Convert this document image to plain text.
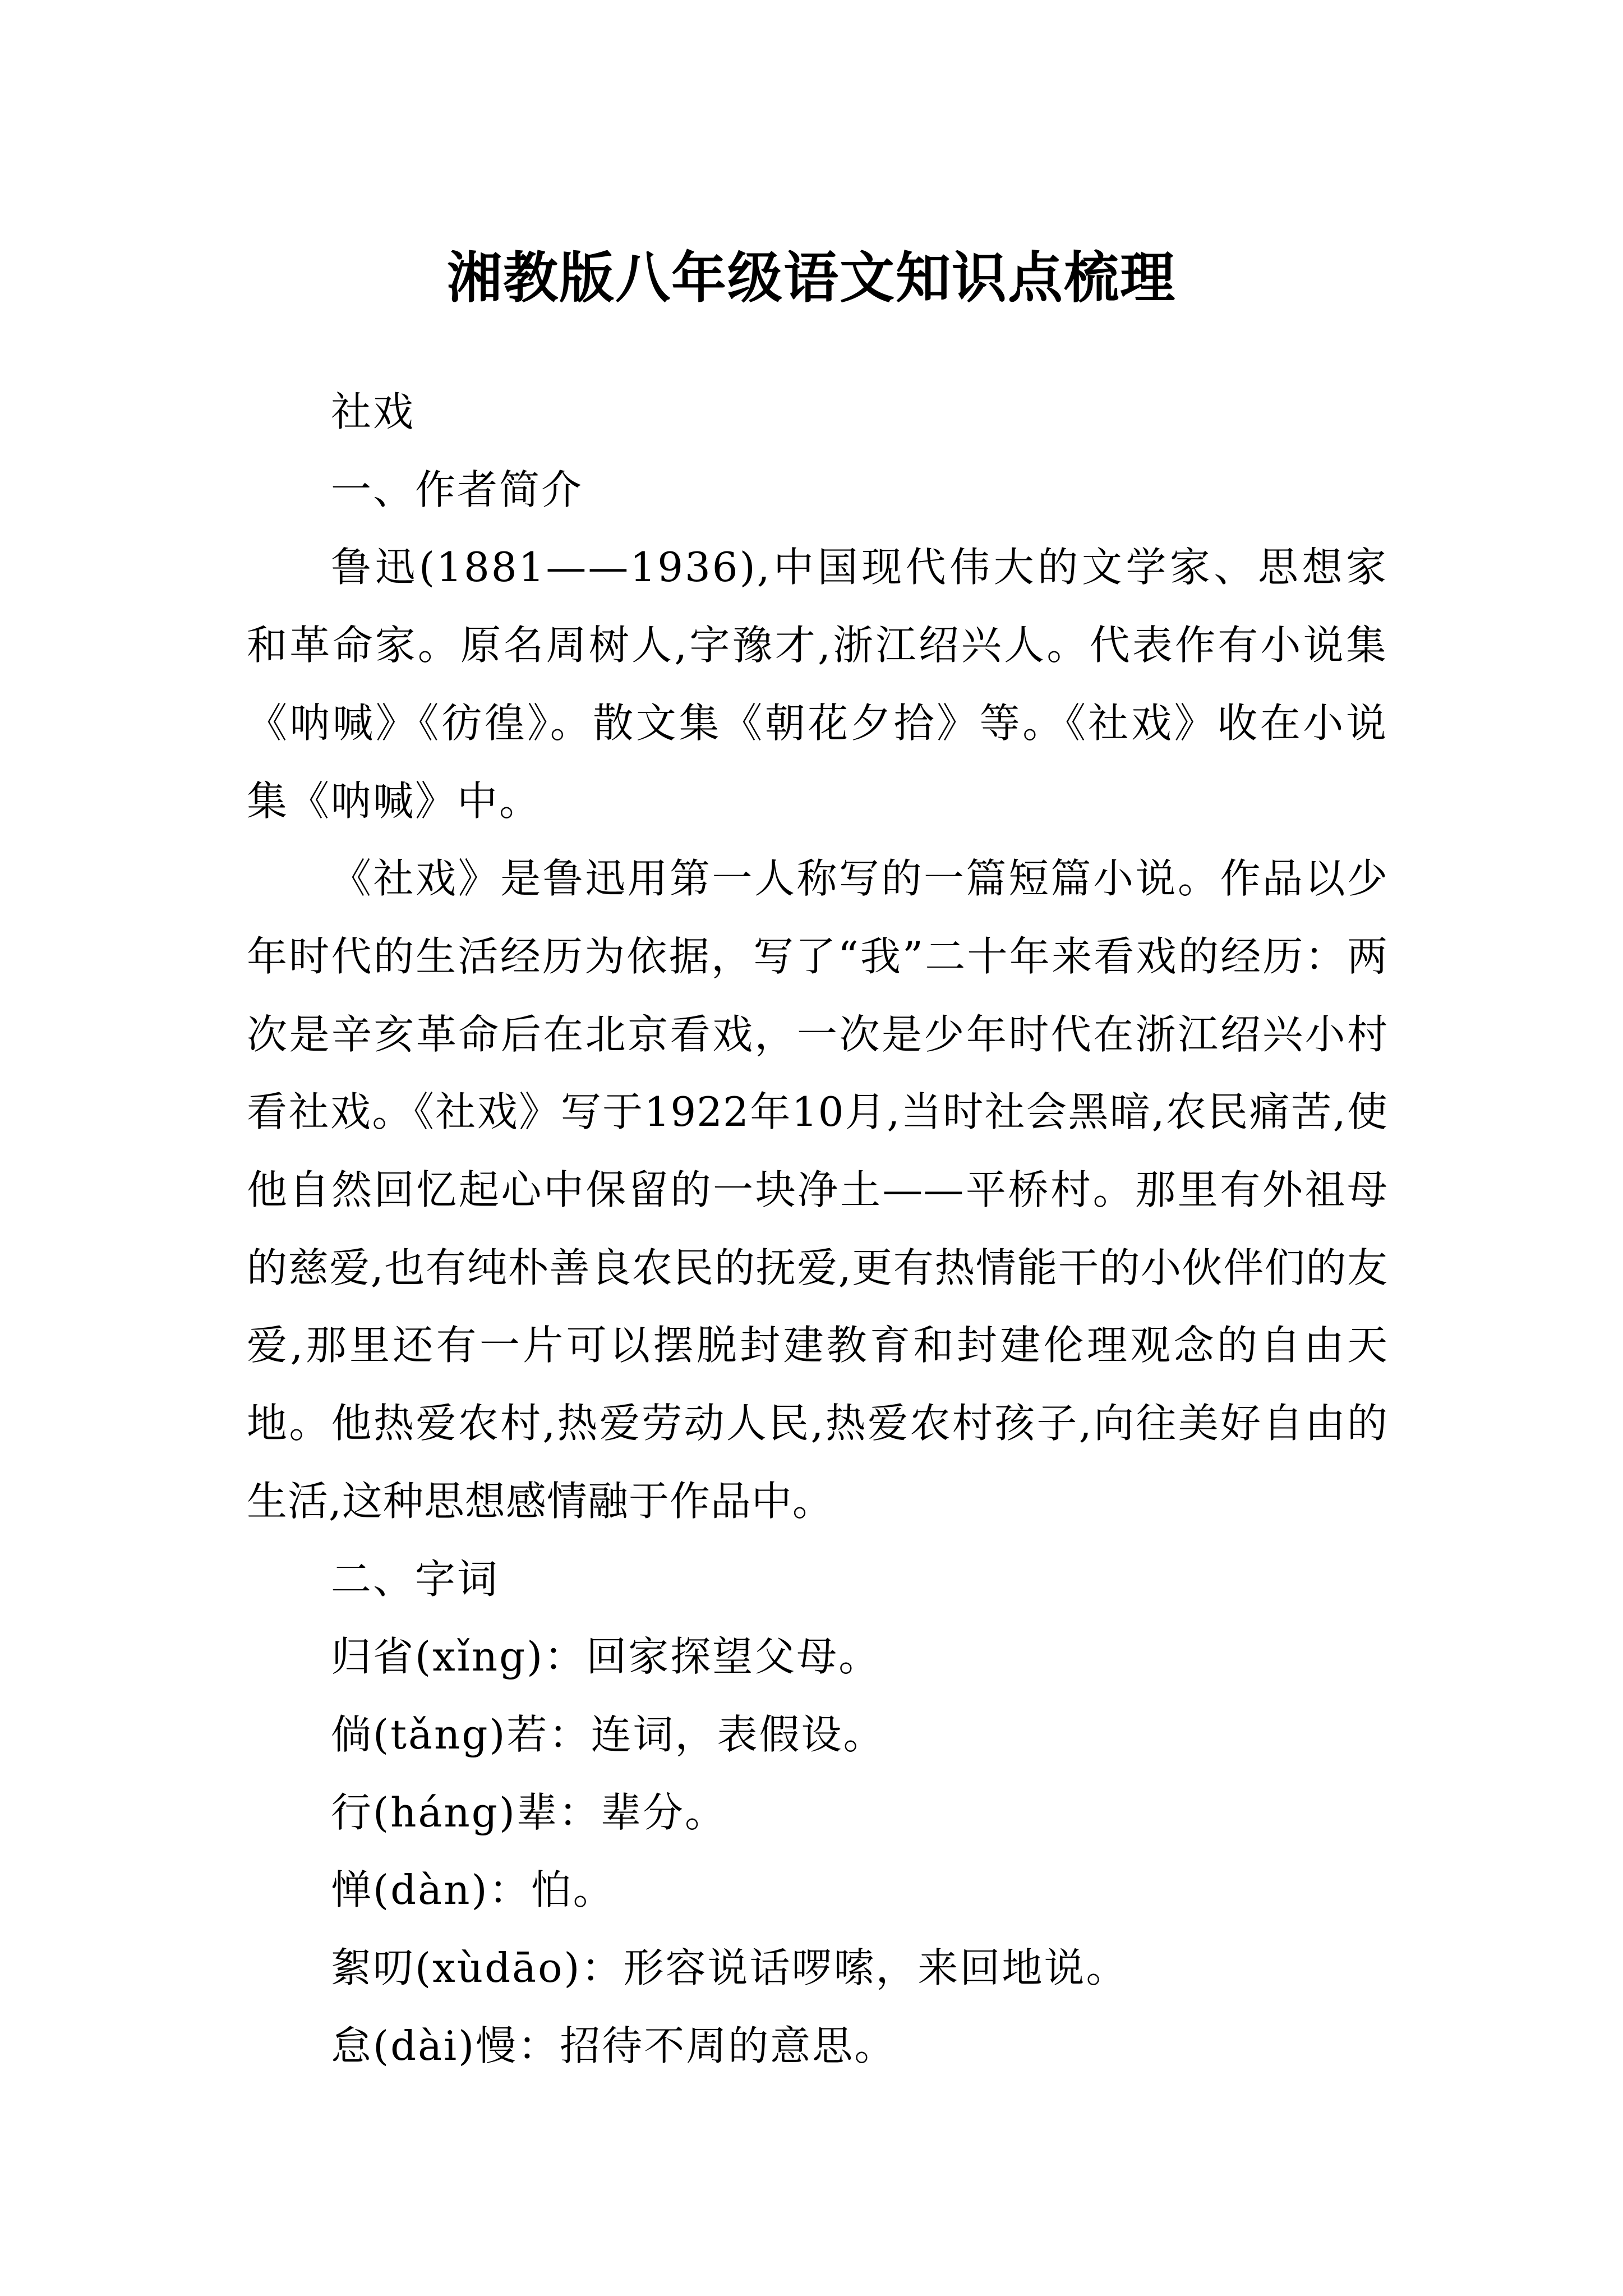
湘教版八年级语文知识点梳理

社戏

一、作者简介

鲁迅(1881——1936),中国现代伟大的文学家、思想家和革命家。原名周树人,字豫才,浙江绍兴人。代表作有小说集《呐喊》《彷徨》。散文集《朝花夕拾》等。《社戏》收在小说集《呐喊》中。

《社戏》是鲁迅用第一人称写的一篇短篇小说。作品以少年时代的生活经历为依据，写了“我”二十年来看戏的经历：两次是辛亥革命后在北京看戏，一次是少年时代在浙江绍兴小村看社戏。《社戏》写于1922年10月,当时社会黑暗,农民痛苦,使他自然回忆起心中保留的一块净土——平桥村。那里有外祖母的慈爱,也有纯朴善良农民的抚爱,更有热情能干的小伙伴们的友爱,那里还有一片可以摆脱封建教育和封建伦理观念的自由天地。他热爱农村,热爱劳动人民,热爱农村孩子,向往美好自由的生活,这种思想感情融于作品中。

二、字词

归省(xǐng)：回家探望父母。

倘(tǎng)若：连词，表假设。

行(háng)辈：辈分。

惮(dàn)：怕。

絮叨(xùdāo)：形容说话啰嗦，来回地说。

怠(dài)慢：招待不周的意思。
